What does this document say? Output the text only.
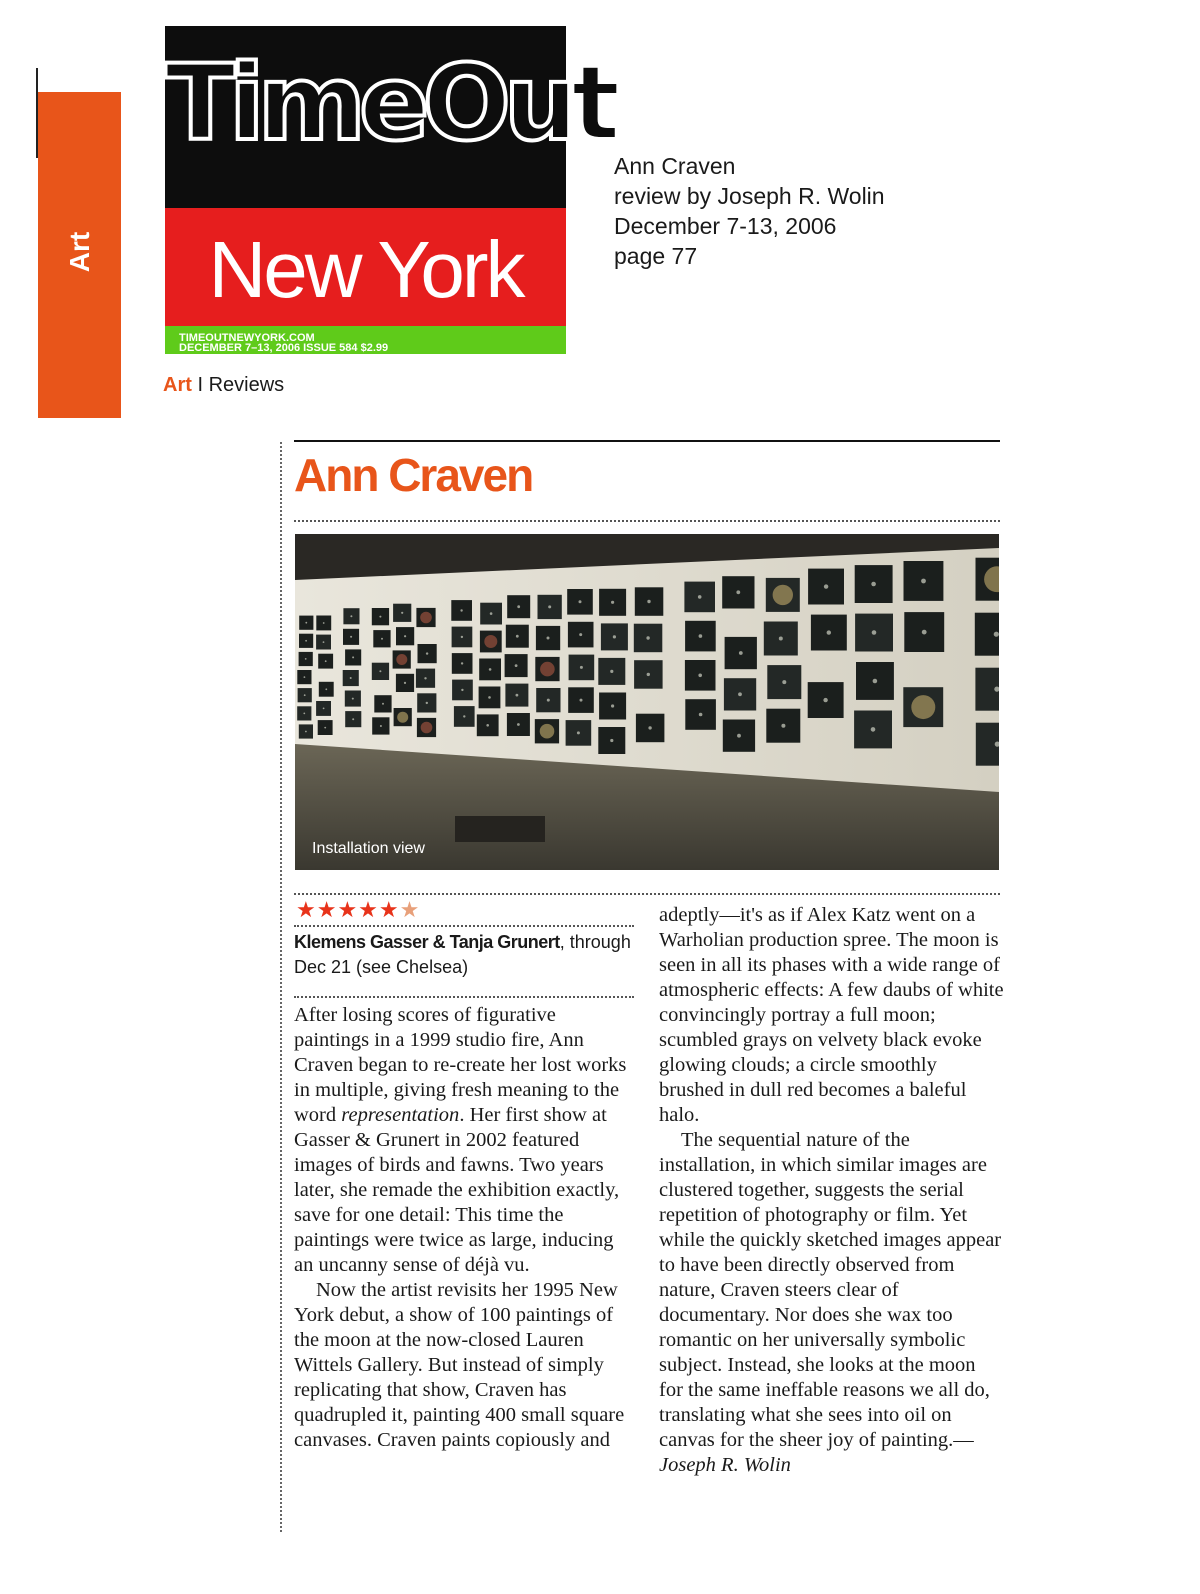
Art
TimeOut
New York
DECEMBER 7–13, 2006 ISSUE 584 $2.99
TIMEOUTNEWYORK.COM
Ann Craven
review by Joseph R. Wolin
December 7-13, 2006
page 77
Art I Reviews
Ann Craven
Installation view
★★★★★★
Klemens Gasser & Tanja Grunert, through Dec 21 (see Chelsea)

After losing scores of figurative paintings in a 1999 studio fire, Ann Craven began to re-create her lost works in multiple, giving fresh meaning to the word representation. Her first show at Gasser & Grunert in 2002 featured images of birds and fawns. Two years later, she remade the exhibition exactly, save for one detail: This time the paintings were twice as large, inducing an uncanny sense of déjà vu.

Now the artist revisits her 1995 New York debut, a show of 100 paintings of the moon at the now-closed Lauren Wittels Gallery. But instead of simply replicating that show, Craven has quadrupled it, painting 400 small square canvases. Craven paints copiously and

adeptly—it's as if Alex Katz went on a Warholian production spree. The moon is seen in all its phases with a wide range of atmospheric effects: A few daubs of white convincingly portray a full moon; scumbled grays on velvety black evoke glowing clouds; a circle smoothly brushed in dull red becomes a baleful halo.

The sequential nature of the installation, in which similar images are clustered together, suggests the serial repetition of photography or film. Yet while the quickly sketched images appear to have been directly observed from nature, Craven steers clear of documentary. Nor does she wax too romantic on her universally symbolic subject. Instead, she looks at the moon for the same ineffable reasons we all do, translating what she sees into oil on canvas for the sheer joy of painting.—Joseph R. Wolin
